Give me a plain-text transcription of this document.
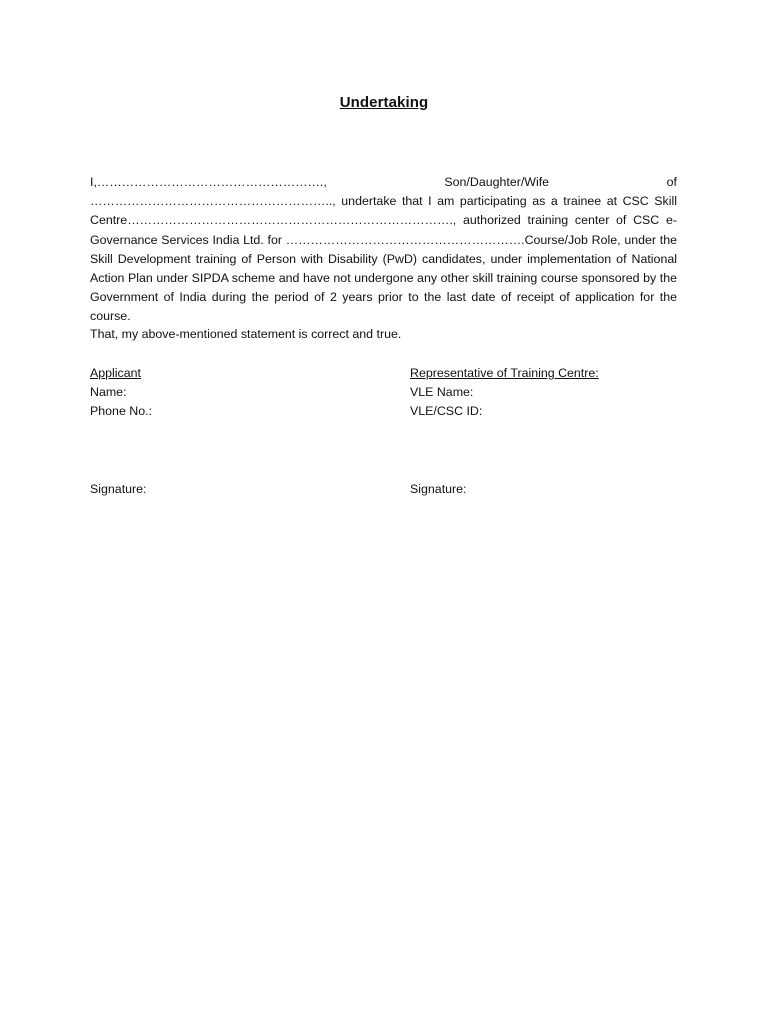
Undertaking
I,………………………………………………., Son/Daughter/Wife of ………………………………………………….., undertake that I am participating as a trainee at CSC Skill Centre……………………………………………………………………., authorized training center of CSC e-Governance Services India Ltd. for ………………………………………………….Course/Job Role, under the Skill Development training of Person with Disability (PwD) candidates, under implementation of National Action Plan under SIPDA scheme and have not undergone any other skill training course sponsored by the Government of India during the period of 2 years prior to the last date of receipt of application for the course.
That, my above-mentioned statement is correct and true.
Applicant
Name:
Phone No.:
Representative of Training Centre:
VLE Name:
VLE/CSC ID:
Signature:	Signature:
